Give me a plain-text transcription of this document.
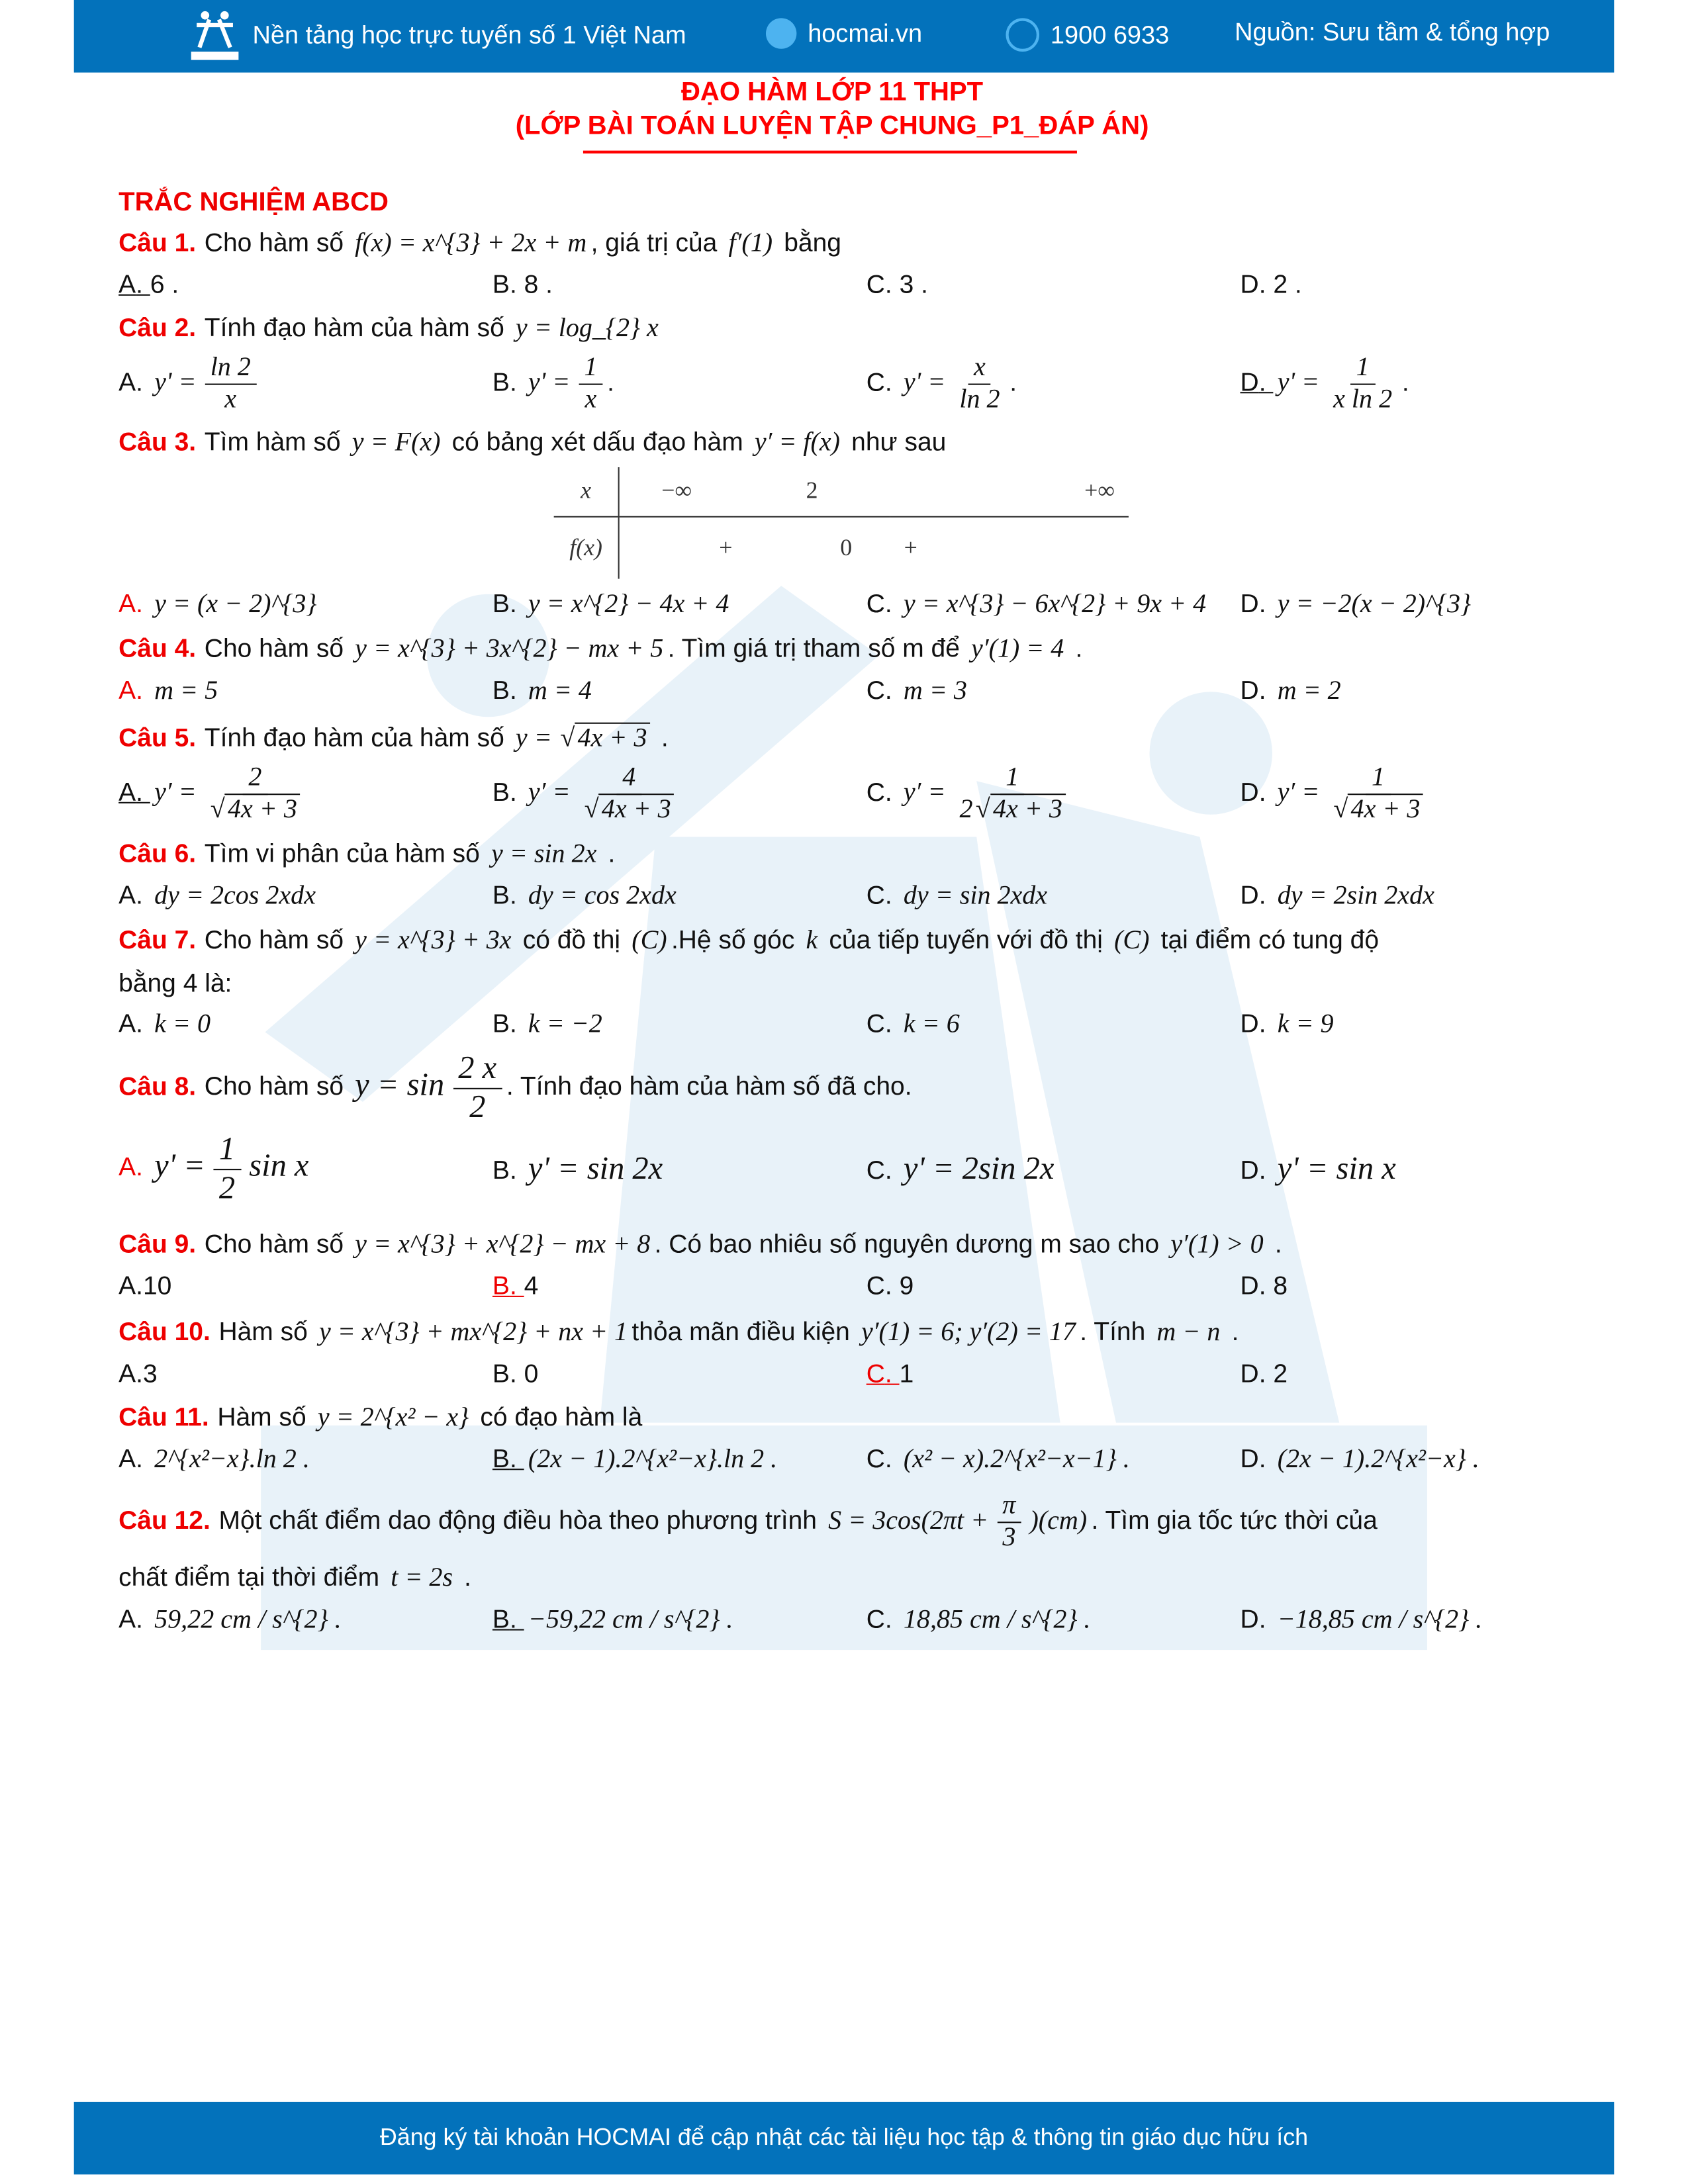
Nền tảng học trực tuyến số 1 Việt Nam	hocmai.vn	1900 6933	Nguồn: Sưu tầm & tổng hợp
ĐẠO HÀM LỚP 11 THPT
(LỚP BÀI TOÁN LUYỆN TẬP CHUNG_P1_ĐÁP ÁN)
TRẮC NGHIỆM ABCD
Câu 1. Cho hàm số f(x) = x^{3} + 2x + m , giá trị của f′(1) bằng
A. 6 .	B. 8 .	C. 3 .	D. 2 .
Câu 2. Tính đạo hàm của hàm số y = log_{2} x
A. $y' = \frac{\ln 2}{x}$	B. $y' = \frac{1}{x}$ .	C. $y' = \frac{x}{\ln 2}$ .	D. $y' = \frac{1}{\text{x ln 2}}$ .
Câu 3. Tìm hàm số y = F(x) có bảng xét dấu đạo hàm y′ = f(x) như sau
x	−∞	2	+∞
f(x)	+	0	+
A. y = (x − 2)^{3}	B. y = x^{2} − 4x + 4	C. y = x^{3} − 6x^{2} + 9x + 4	D. y = −2(x − 2)^{3}
Câu 4. Cho hàm số y = x^{3} + 3x^{2} − mx + 5 . Tìm giá trị tham số m để y′(1) = 4 .
A. m = 5	B. m = 4	C. m = 3	D. m = 2
Câu 5. Tính đạo hàm của hàm số y = √ 4x + 3 .
A. $y' = \frac{2}{√ 4x + 3}$	B. $y' = \frac{4}{√ 4x + 3}$	C. $y' = \frac{1}{2 √ 4x + 3}$	D. $y' = \frac{1}{√ 4x + 3}$
Câu 6. Tìm vi phân của hàm số y = sin 2x .
A. dy = 2cos 2xdx	B. dy = cos 2xdx	C. dy = sin 2xdx	D. dy = 2sin 2xdx
Câu 7. Cho hàm số y = x^{3} + 3x có đồ thị (C) .Hệ số góc k của tiếp tuyến với đồ thị (C) tại điểm có tung độ
bằng 4 là:
A. k = 0	B. k = −2	C. k = 6	D. k = 9
Câu 8. Cho hàm số $y = \sin \frac{2 x}{2}$ . Tính đạo hàm của hàm số đã cho.
A. $y' = \frac{1}{2}$ sin x	B. y' = sin 2x	C. y' = 2sin 2x	D. y' = sin x
Câu 9. Cho hàm số y = x^{3} + x^{2} − mx + 8 . Có bao nhiêu số nguyên dương m sao cho y′(1) > 0 .
A.10	B. 4	C. 9	D. 8
Câu 10. Hàm số y = x^{3} + mx^{2} + nx + 1 thỏa mãn điều kiện y′(1) = 6; y′(2) = 17 . Tính m − n .
A.3	B. 0	C. 1	D. 2
Câu 11. Hàm số y = 2^{x² − x} có đạo hàm là
A. 2^{x²−x}.ln 2 .	B. (2x − 1).2^{x²−x}.ln 2 .	C. (x² − x).2^{x²−x−1} .	D. (2x − 1).2^{x²−x} .
Câu 12. Một chất điểm dao động điều hòa theo phương trình $S = 3\cos(2\pi t + \frac{\pi}{3} )(cm)$ . Tìm gia tốc tức thời của
chất điểm tại thời điểm t = 2s .
A. 59,22 cm / s^{2} .	B. −59,22 cm / s^{2} .	C. 18,85 cm / s^{2} .	D. −18,85 cm / s^{2} .
Đăng ký tài khoản HOCMAI để cập nhật các tài liệu học tập & thông tin giáo dục hữu ích
